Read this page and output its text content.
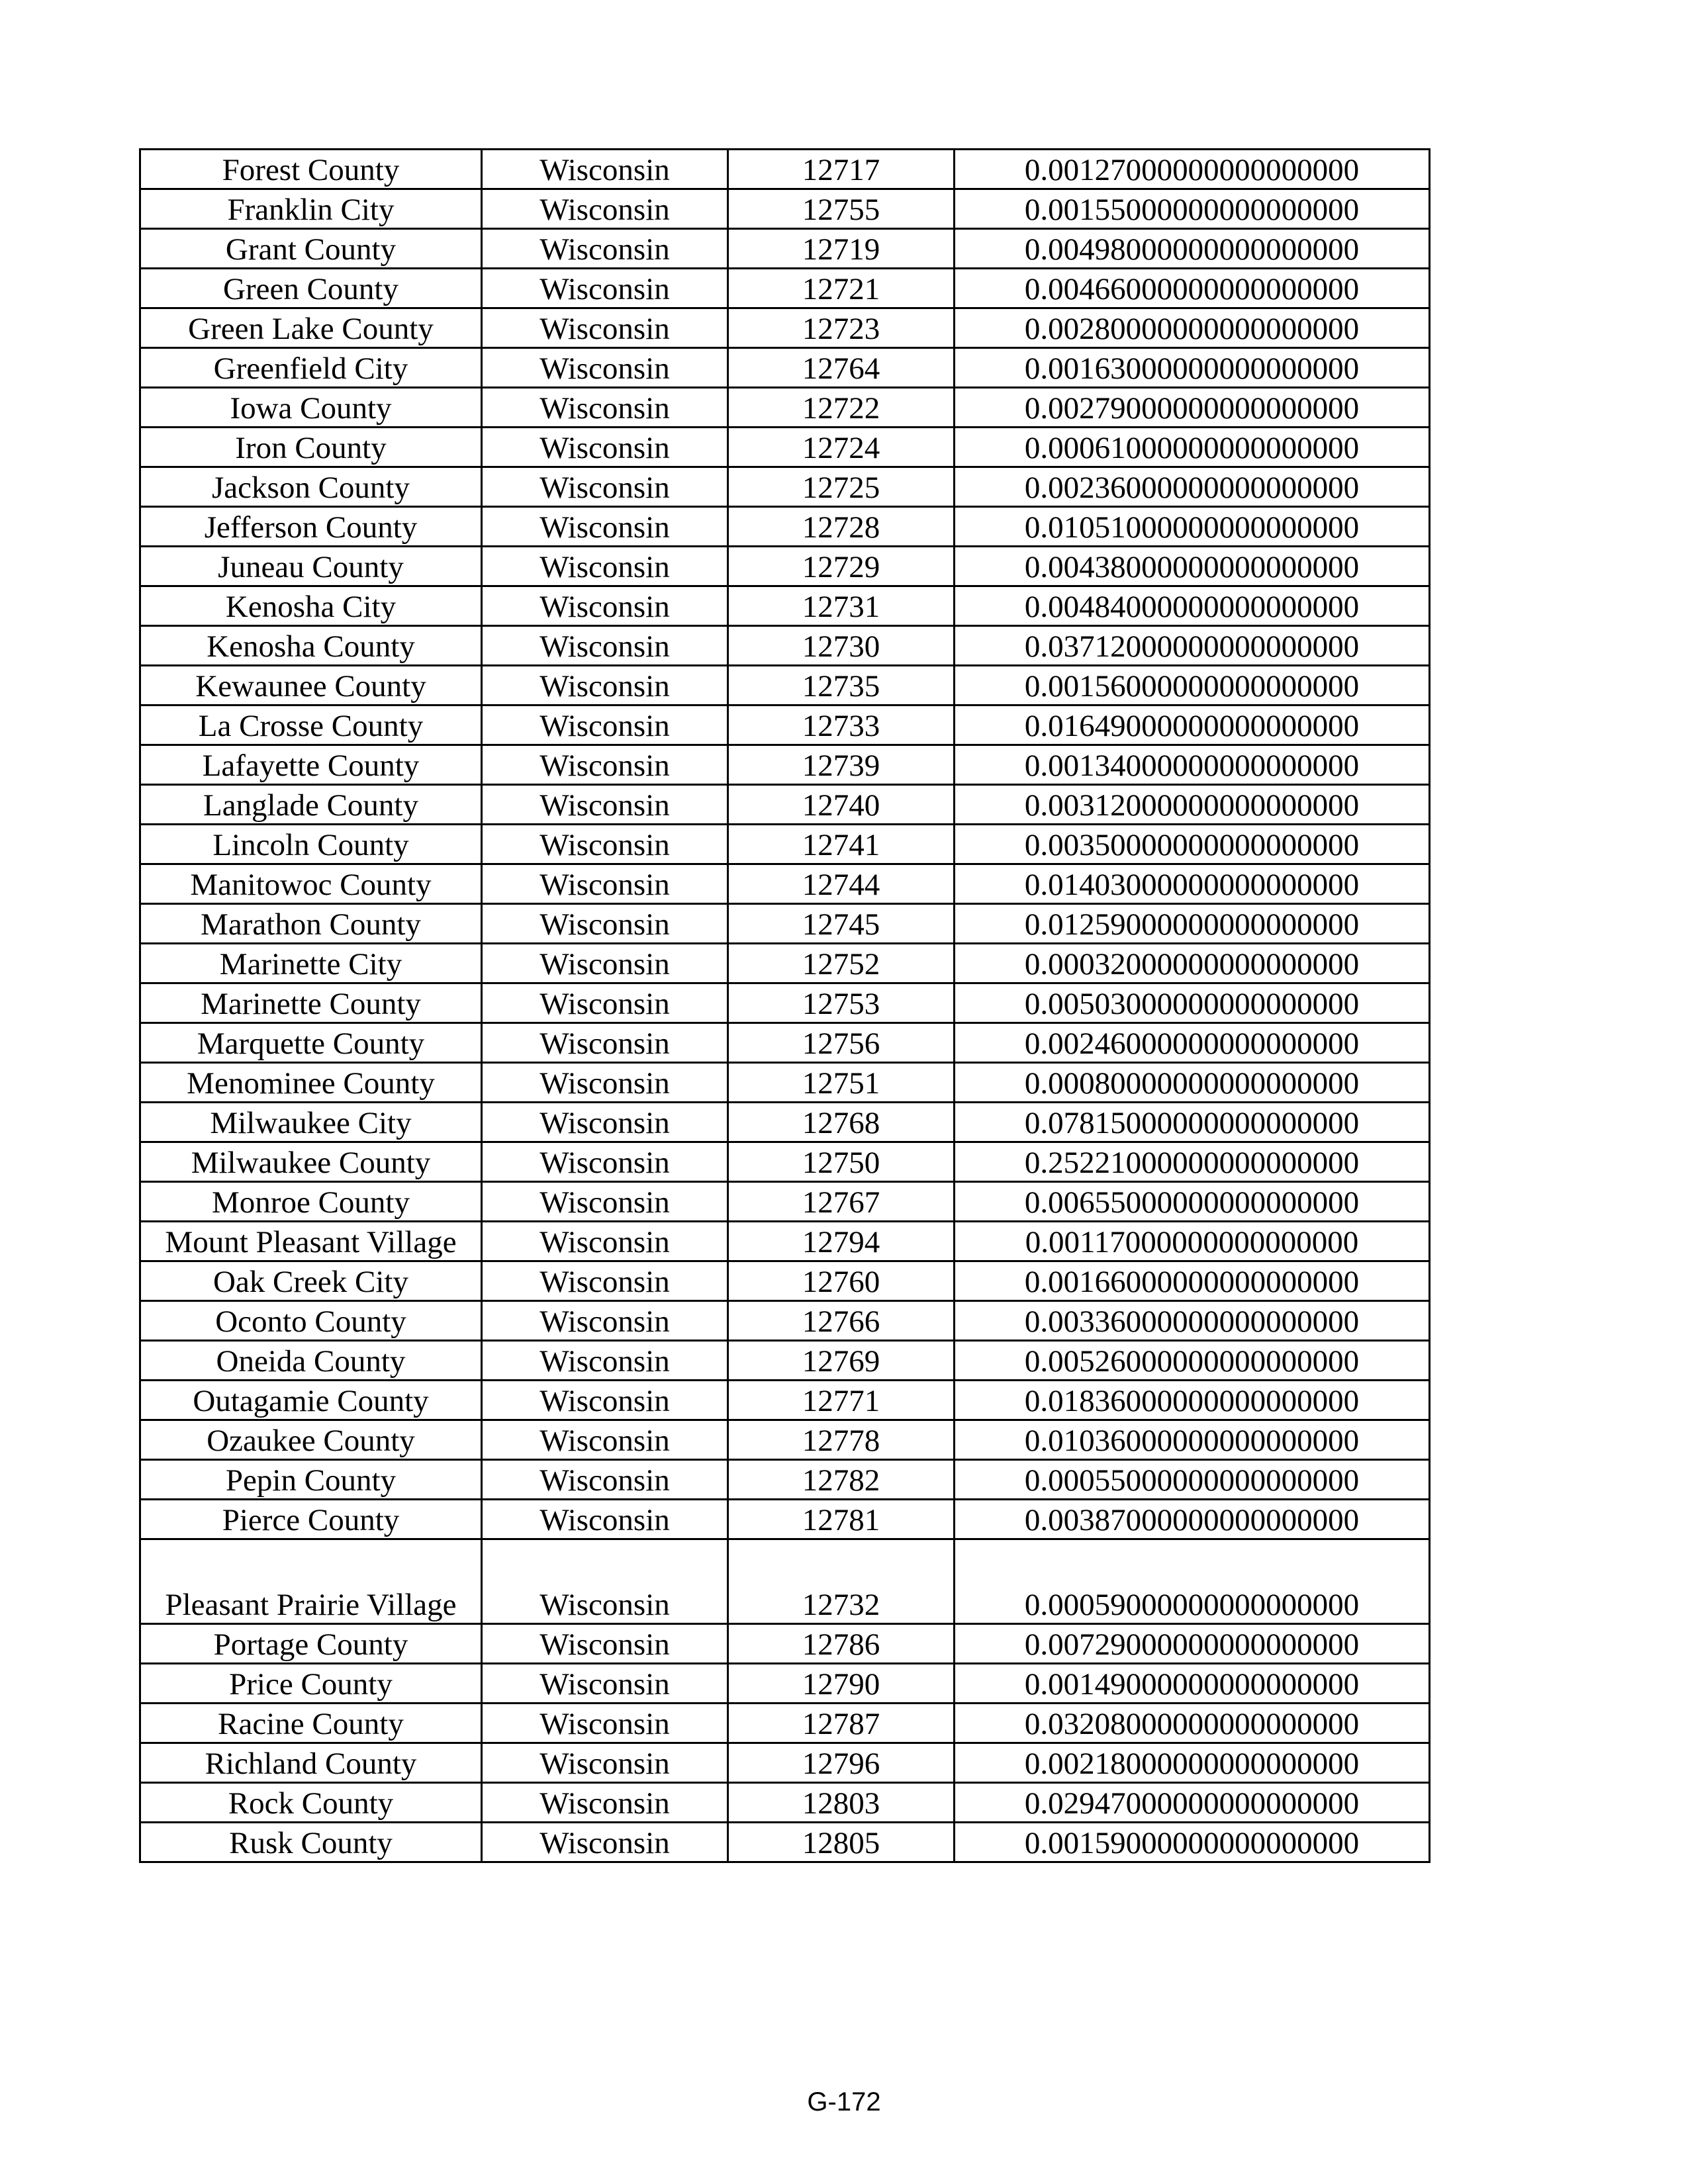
Forest County	Wisconsin	12717	0.00127000000000000000
Franklin City	Wisconsin	12755	0.00155000000000000000
Grant County	Wisconsin	12719	0.00498000000000000000
Green County	Wisconsin	12721	0.00466000000000000000
Green Lake County	Wisconsin	12723	0.00280000000000000000
Greenfield City	Wisconsin	12764	0.00163000000000000000
Iowa County	Wisconsin	12722	0.00279000000000000000
Iron County	Wisconsin	12724	0.00061000000000000000
Jackson County	Wisconsin	12725	0.00236000000000000000
Jefferson County	Wisconsin	12728	0.01051000000000000000
Juneau County	Wisconsin	12729	0.00438000000000000000
Kenosha City	Wisconsin	12731	0.00484000000000000000
Kenosha County	Wisconsin	12730	0.03712000000000000000
Kewaunee County	Wisconsin	12735	0.00156000000000000000
La Crosse County	Wisconsin	12733	0.01649000000000000000
Lafayette County	Wisconsin	12739	0.00134000000000000000
Langlade County	Wisconsin	12740	0.00312000000000000000
Lincoln County	Wisconsin	12741	0.00350000000000000000
Manitowoc County	Wisconsin	12744	0.01403000000000000000
Marathon County	Wisconsin	12745	0.01259000000000000000
Marinette City	Wisconsin	12752	0.00032000000000000000
Marinette County	Wisconsin	12753	0.00503000000000000000
Marquette County	Wisconsin	12756	0.00246000000000000000
Menominee County	Wisconsin	12751	0.00080000000000000000
Milwaukee City	Wisconsin	12768	0.07815000000000000000
Milwaukee County	Wisconsin	12750	0.25221000000000000000
Monroe County	Wisconsin	12767	0.00655000000000000000
Mount Pleasant Village	Wisconsin	12794	0.00117000000000000000
Oak Creek City	Wisconsin	12760	0.00166000000000000000
Oconto County	Wisconsin	12766	0.00336000000000000000
Oneida County	Wisconsin	12769	0.00526000000000000000
Outagamie County	Wisconsin	12771	0.01836000000000000000
Ozaukee County	Wisconsin	12778	0.01036000000000000000
Pepin County	Wisconsin	12782	0.00055000000000000000
Pierce County	Wisconsin	12781	0.00387000000000000000
Pleasant Prairie Village	Wisconsin	12732	0.00059000000000000000
Portage County	Wisconsin	12786	0.00729000000000000000
Price County	Wisconsin	12790	0.00149000000000000000
Racine County	Wisconsin	12787	0.03208000000000000000
Richland County	Wisconsin	12796	0.00218000000000000000
Rock County	Wisconsin	12803	0.02947000000000000000
Rusk County	Wisconsin	12805	0.00159000000000000000
G-172
